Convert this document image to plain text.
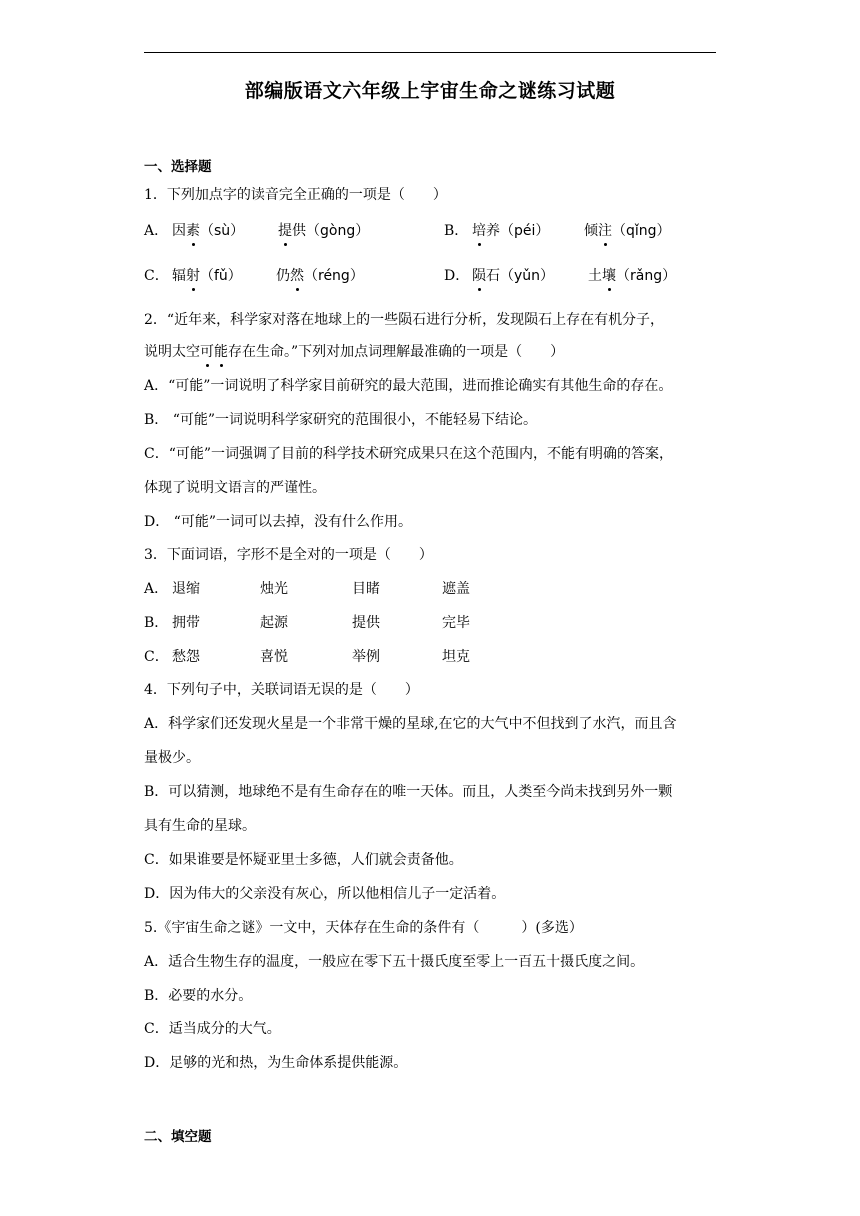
部编版语文六年级上宇宙生命之谜练习试题
一、选择题
1．下列加点字的读音完全正确的一项是（　　）
A． 因素（sù） 提供（gòng）	B． 培养（péi） 倾注（qǐng）
C． 辐射（fǔ） 仍然（réng）	D． 陨石（yǔn） 土壤（rǎng）
2．“近年来，科学家对落在地球上的一些陨石进行分析，发现陨石上存在有机分子，
说明太空可能存在生命。”下列对加点词理解最准确的一项是（　　）
A．“可能”一词说明了科学家目前研究的最大范围，进而推论确实有其他生命的存在。
B． “可能”一词说明科学家研究的范围很小，不能轻易下结论。
C．“可能”一词强调了目前的科学技术研究成果只在这个范围内，不能有明确的答案，
体现了说明文语言的严谨性。
D． “可能”一词可以去掉，没有什么作用。
3．下面词语，字形不是全对的一项是（　　）
A． 退缩	烛光	目睹	遮盖
B． 拥带	起源	提供	完毕
C． 愁怨	喜悦	举例	坦克
4．下列句子中，关联词语无误的是（　　）
A．科学家们还发现火星是一个非常干燥的星球,在它的大气中不但找到了水汽，而且含
量极少。
B．可以猜测，地球绝不是有生命存在的唯一天体。而且，人类至今尚未找到另外一颗
具有生命的星球。
C．如果谁要是怀疑亚里士多德，人们就会责备他。
D．因为伟大的父亲没有灰心，所以他相信儿子一定活着。
5.《宇宙生命之谜》一文中，天体存在生命的条件有（　　　）(多选）
A．适合生物生存的温度，一般应在零下五十摄氏度至零上一百五十摄氏度之间。
B．必要的水分。
C．适当成分的大气。
D．足够的光和热，为生命体系提供能源。
二、填空题
